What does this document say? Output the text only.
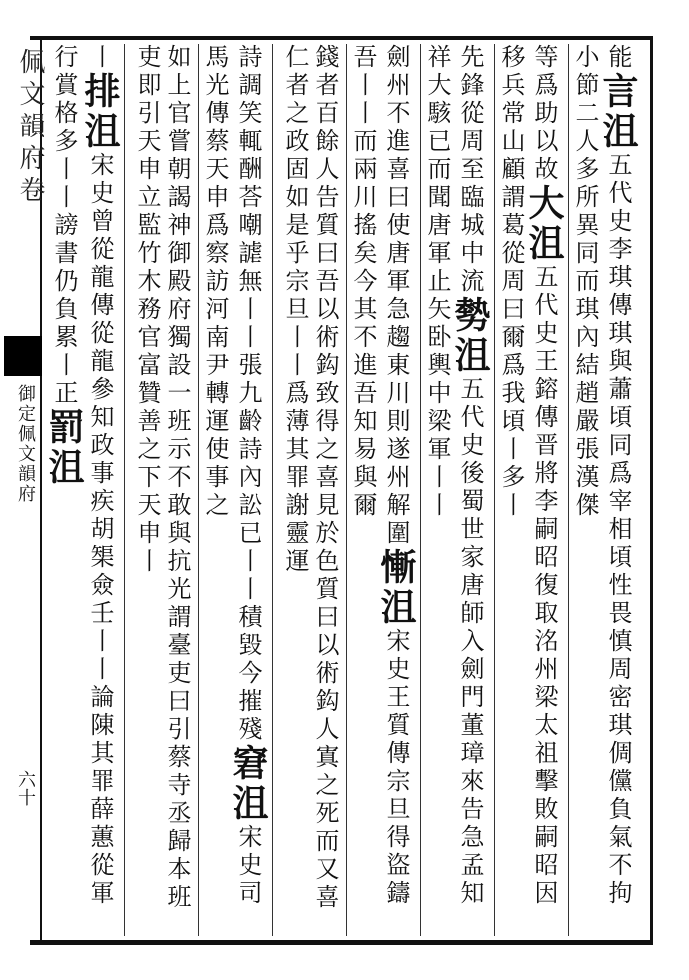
佩文韻府卷
御定佩文韻府
六十
能言沮五代史李琪傳琪與蕭頃同爲宰相頃性畏慎周密琪倜儻負氣不拘小節二人多所異同而琪內結趙嚴張漢傑
等爲助以故大沮五代史王鎔傳晋將李嗣昭復取洺州梁太祖擊敗嗣昭因移兵常山顧謂葛從周曰爾爲我頃丨多丨
先鋒從周至臨城中流勢沮五代史後蜀世家唐師入劍門董璋來告急孟知祥大駭已而聞唐軍止矢卧輿中梁軍丨丨
劍州不進喜曰使唐軍急趨東川則遂州解圍慚沮宋史王質傳宗旦得盜鑄吾丨丨而兩川搖矣今其不進吾知易與爾
錢者百餘人告質曰吾以術鈎致得之喜見於色質曰以術鈎人寘之死而又喜仁者之政固如是乎宗旦丨丨爲薄其罪謝靈運
詩調笑輒酬荅嘲謔無丨丨張九齡詩內訟已丨丨積毀今摧殘窘沮宋史司馬光傳蔡天申爲察訪河南尹轉運使事之
如上官嘗朝謁神御殿府獨設一班示不敢與抗光謂臺吏曰引蔡寺丞歸本班吏即引天申立監竹木務官富贊善之下天申丨
丨排沮宋史曾從龍傳從龍參知政事疾胡榘僉壬丨丨論陳其罪薛蕙從軍行賞格多丨丨謗書仍負累丨正罰沮
